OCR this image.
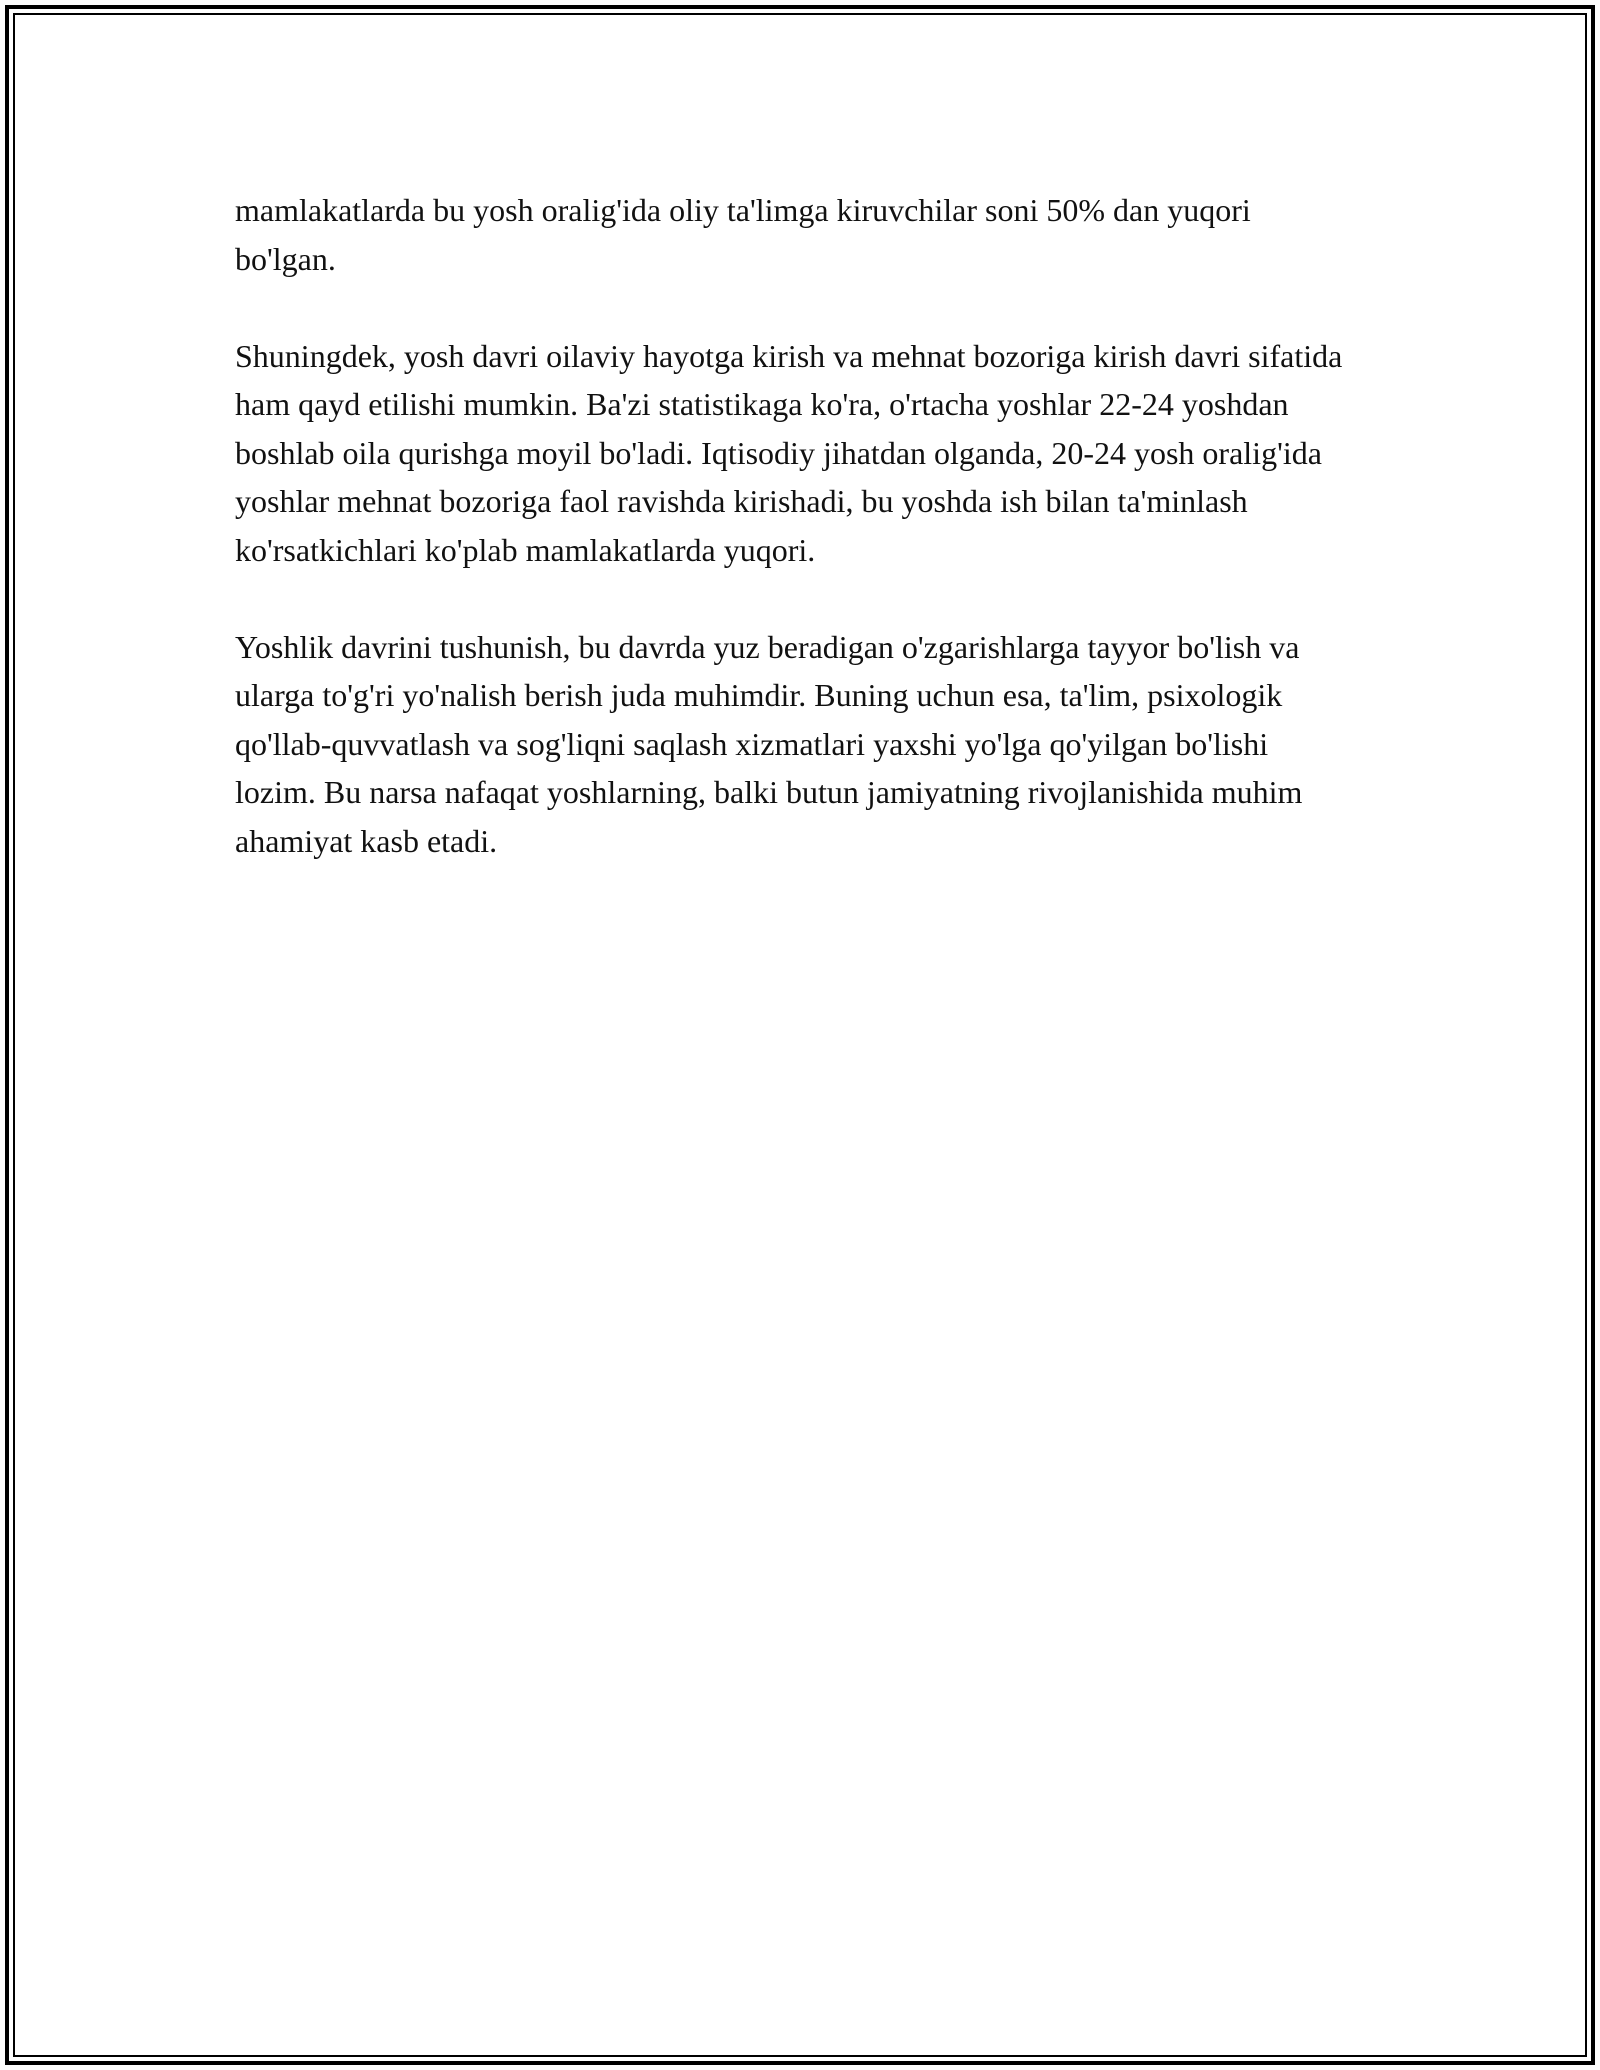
mamlakatlarda bu yosh oralig'ida oliy ta'limga kiruvchilar soni 50% dan yuqori bo'lgan.

Shuningdek, yosh davri oilaviy hayotga kirish va mehnat bozoriga kirish davri sifatida ham qayd etilishi mumkin. Ba'zi statistikaga ko'ra, o'rtacha yoshlar 22-24 yoshdan boshlab oila qurishga moyil bo'ladi. Iqtisodiy jihatdan olganda, 20-24 yosh oralig'ida yoshlar mehnat bozoriga faol ravishda kirishadi, bu yoshda ish bilan ta'minlash ko'rsatkichlari ko'plab mamlakatlarda yuqori.

Yoshlik davrini tushunish, bu davrda yuz beradigan o'zgarishlarga tayyor bo'lish va ularga to'g'ri yo'nalish berish juda muhimdir. Buning uchun esa, ta'lim, psixologik qo'llab-quvvatlash va sog'liqni saqlash xizmatlari yaxshi yo'lga qo'yilgan bo'lishi lozim. Bu narsa nafaqat yoshlarning, balki butun jamiyatning rivojlanishida muhim ahamiyat kasb etadi.
